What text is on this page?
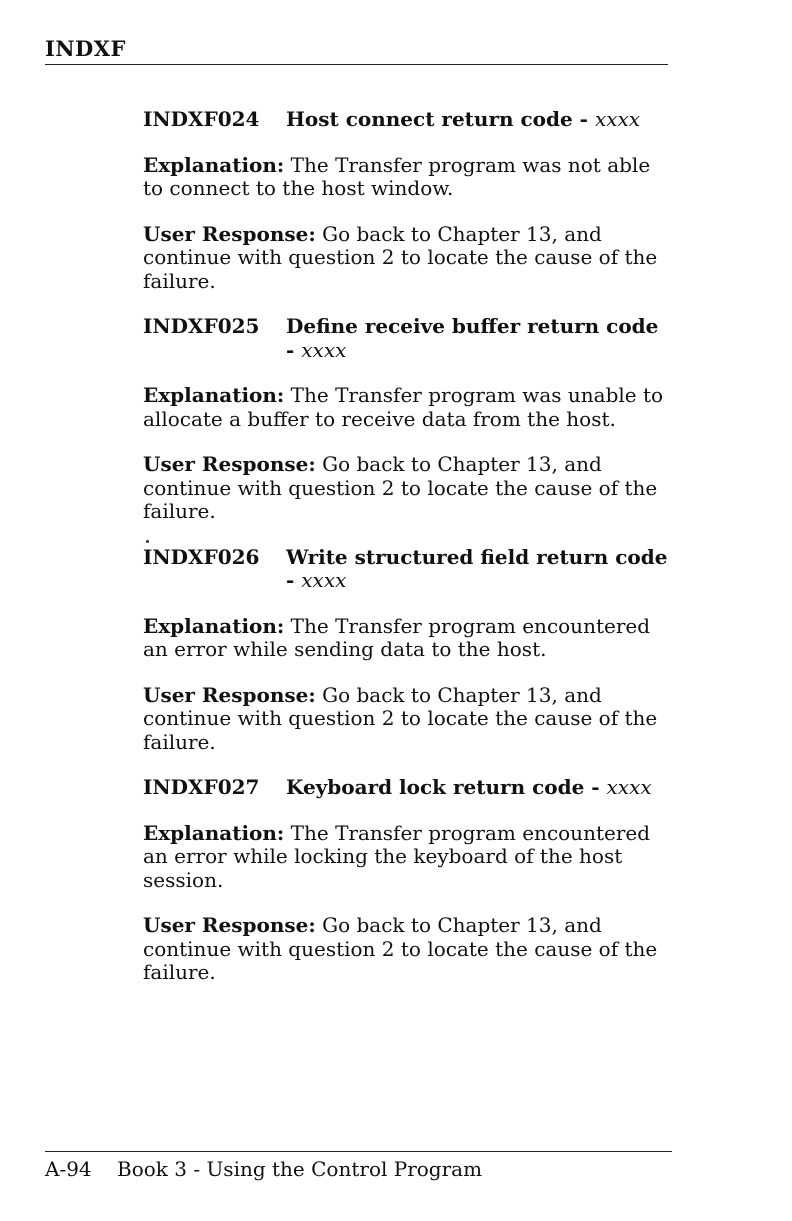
INDXF
INDXF024	Host connect return code - xxxx

Explanation: The Transfer program was not able to connect to the host window.

User Response: Go back to Chapter 13, and continue with question 2 to locate the cause of the failure.

INDXF025	Define receive buffer return code - xxxx

Explanation: The Transfer program was unable to allocate a buffer to receive data from the host.

User Response: Go back to Chapter 13, and continue with question 2 to locate the cause of the failure.

INDXF026	Write structured field return code - xxxx

Explanation: The Transfer program encountered an error while sending data to the host.

User Response: Go back to Chapter 13, and continue with question 2 to locate the cause of the failure.

INDXF027	Keyboard lock return code - xxxx

Explanation: The Transfer program encountered an error while locking the keyboard of the host session.

User Response: Go back to Chapter 13, and continue with question 2 to locate the cause of the failure.

A-94	Book 3 - Using the Control Program
